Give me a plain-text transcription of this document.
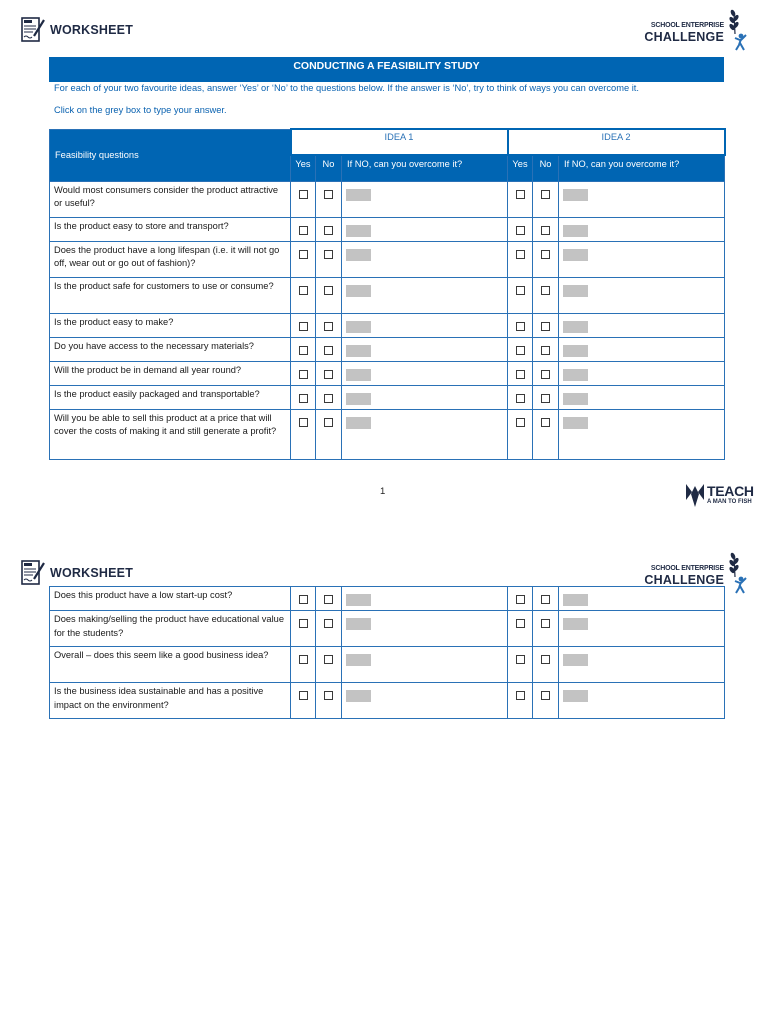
WORKSHEET	SCHOOL ENTERPRISE
CHALLENGE
CONDUCTING A FEASIBILITY STUDY
For each of your two favourite ideas, answer ‘Yes’ or ‘No’ to the questions below. If the answer is ‘No’, try to think of ways you can overcome it.
Click on the grey box to type your answer.
Feasibility questions	IDEA 1			IDEA 2		
	Yes	No	If NO, can you overcome it?	Yes	No	If NO, can you overcome it?
Would most consumers consider the product attractive or useful?						
Is the product easy to store and transport?						
Does the product have a long lifespan (i.e. it will not go off, wear out or go out of fashion)?						
Is the product safe for customers to use or consume?						
Is the product easy to make?						
Do you have access to the necessary materials?						
Will the product be in demand all year round?						
Is the product easily packaged and transportable?						
Will you be able to sell this product at a price that will cover the costs of making it and still generate a profit?						
1	TEACH
A MAN TO FISH
WORKSHEET	SCHOOL ENTERPRISE
CHALLENGE
Does this product have a low start-up cost?						
Does making/selling the product have educational value for the students?						
Overall – does this seem like a good business idea?						
Is the business idea sustainable and has a positive impact on the environment?						
